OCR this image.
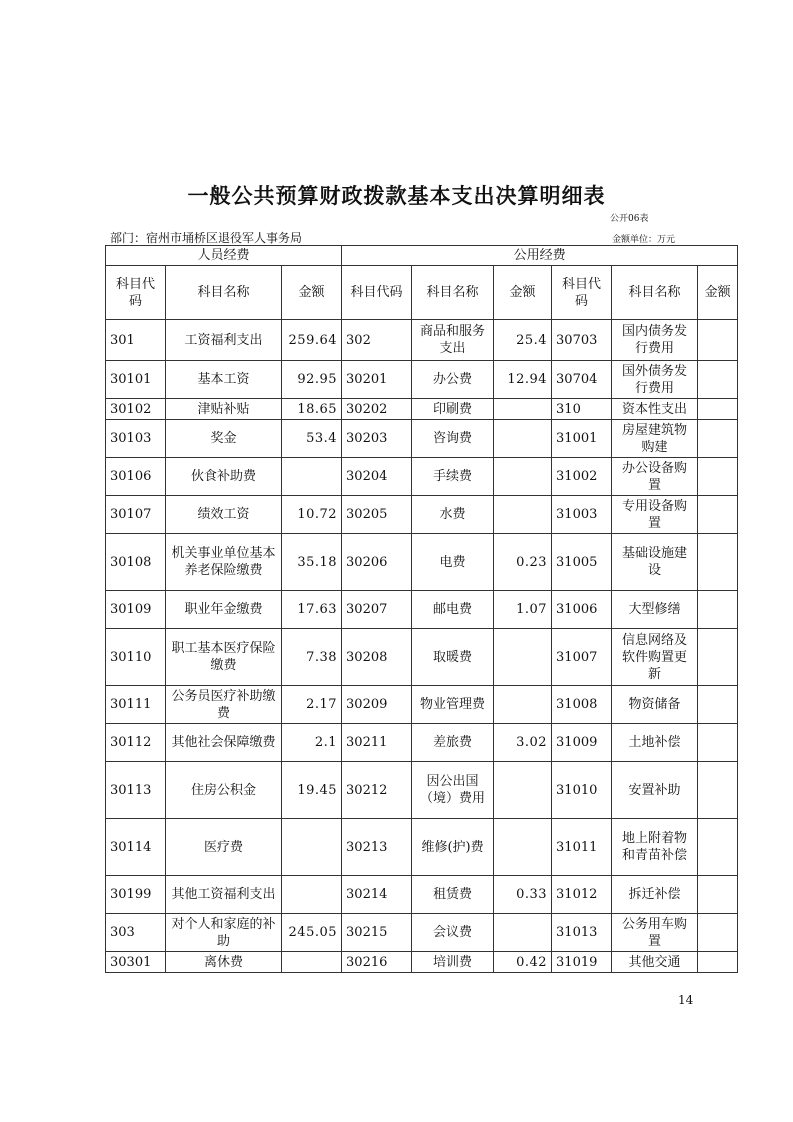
一般公共预算财政拨款基本支出决算明细表
公开06表
部门：宿州市埇桥区退役军人事务局	金额单位：万元
人员经费			公用经费					
科目代码	科目名称	金额	科目代码	科目名称	金额	科目代码	科目名称	金额
301	工资福利支出	259.64	302	商品和服务支出	25.4	30703	国内债务发行费用	
30101	基本工资	92.95	30201	办公费	12.94	30704	国外债务发行费用	
30102	津贴补贴	18.65	30202	印刷费		310	资本性支出	
30103	奖金	53.4	30203	咨询费		31001	房屋建筑物购建	
30106	伙食补助费		30204	手续费		31002	办公设备购置	
30107	绩效工资	10.72	30205	水费		31003	专用设备购置	
30108	机关事业单位基本养老保险缴费	35.18	30206	电费	0.23	31005	基础设施建设	
30109	职业年金缴费	17.63	30207	邮电费	1.07	31006	大型修缮	
30110	职工基本医疗保险缴费	7.38	30208	取暖费		31007	信息网络及软件购置更新	
30111	公务员医疗补助缴费	2.17	30209	物业管理费		31008	物资储备	
30112	其他社会保障缴费	2.1	30211	差旅费	3.02	31009	土地补偿	
30113	住房公积金	19.45	30212	因公出国（境）费用		31010	安置补助	
30114	医疗费		30213	维修(护)费		31011	地上附着物和青苗补偿	
30199	其他工资福利支出		30214	租赁费	0.33	31012	拆迁补偿	
303	对个人和家庭的补助	245.05	30215	会议费		31013	公务用车购置	
30301	离休费		30216	培训费	0.42	31019	其他交通	
14
